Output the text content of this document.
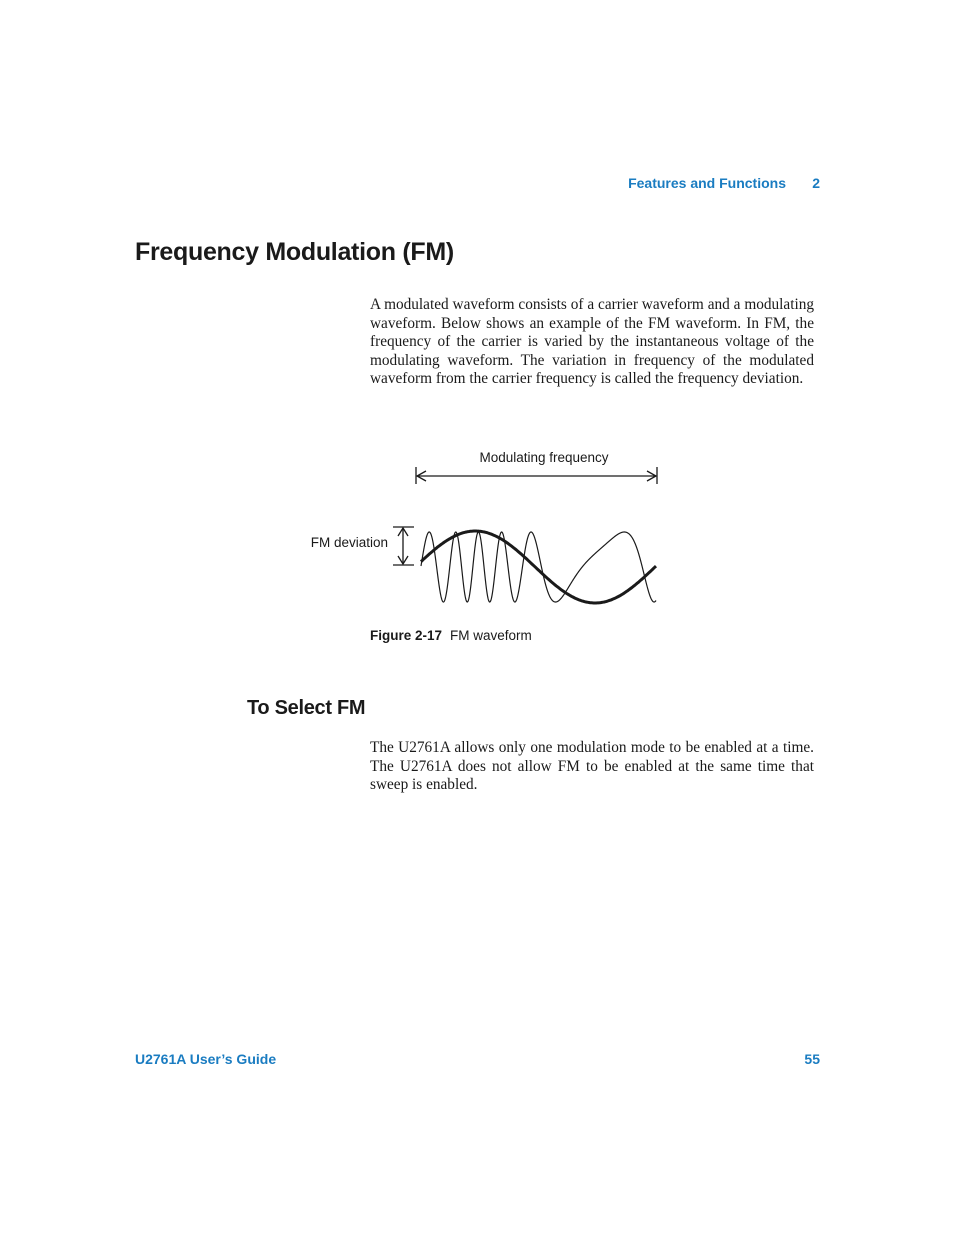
Features and Functions	2
Frequency Modulation (FM)

A modulated waveform consists of a carrier waveform and a modulating waveform. Below shows an example of the FM waveform. In FM, the frequency of the carrier is varied by the instantaneous voltage of the modulating waveform. The variation in frequency of the modulated waveform from the carrier frequency is called the frequency deviation.

Modulating frequency
FM deviation
Figure 2-17 FM waveform
To Select FM

The U2761A allows only one modulation mode to be enabled at a time. The U2761A does not allow FM to be enabled at the same time that sweep is enabled.

U2761A User’s Guide	55
